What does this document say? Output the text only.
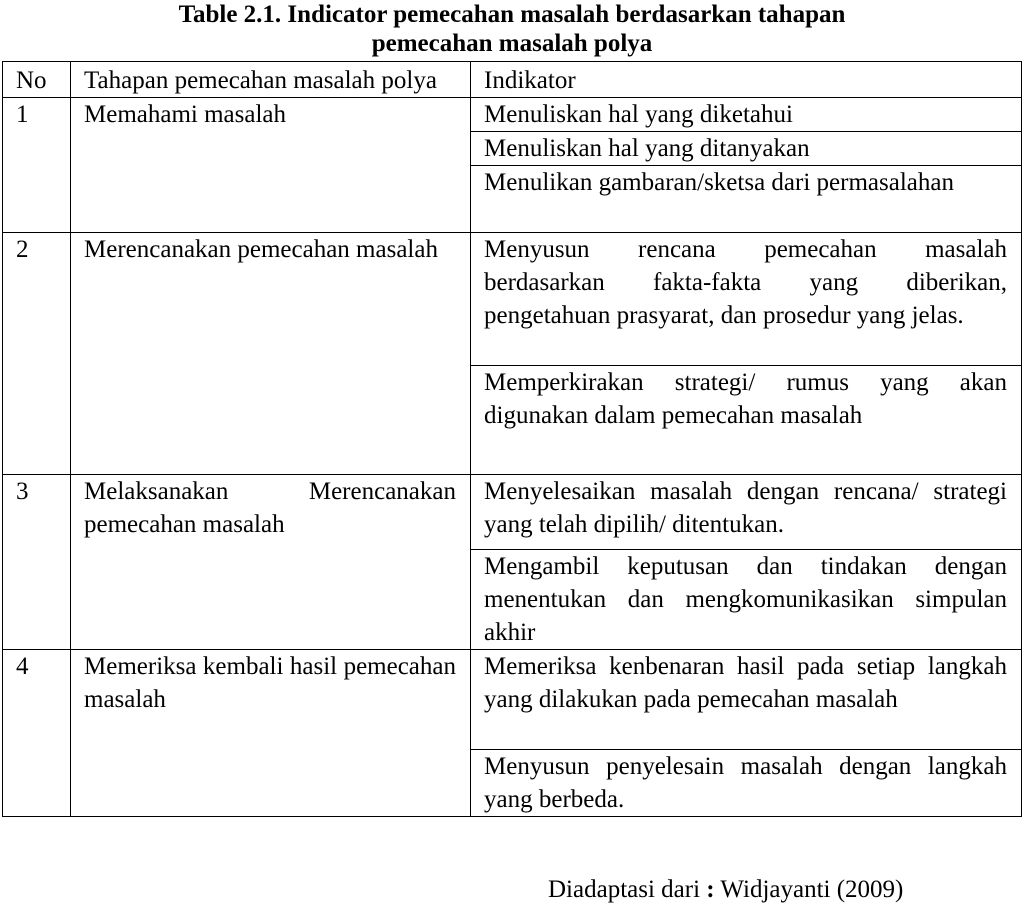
Table 2.1. Indicator pemecahan masalah berdasarkan tahapan
pemecahan masalah polya
No	Tahapan pemecahan masalah polya	Indikator
1	Memahami masalah	Menuliskan hal yang diketahui
		Menuliskan hal yang ditanyakan
		Menulikan gambaran/sketsa dari permasalahan
2	Merencanakan pemecahan masalah	Menyusun rencana pemecahan masalah berdasarkan fakta-fakta yang diberikan, pengetahuan prasyarat, dan prosedur yang jelas.
		Memperkirakan strategi/ rumus yang akan digunakan dalam pemecahan masalah
3	Melaksanakan Merencanakan pemecahan masalah	Menyelesaikan masalah dengan rencana/ strategi yang telah dipilih/ ditentukan.
		Mengambil keputusan dan tindakan dengan menentukan dan mengkomunikasikan simpulan akhir
4	Memeriksa kembali hasil pemecahan masalah	Memeriksa kenbenaran hasil pada setiap langkah yang dilakukan pada pemecahan masalah
		Menyusun penyelesain masalah dengan langkah yang berbeda.
Diadaptasi dari : Widjayanti (2009)
